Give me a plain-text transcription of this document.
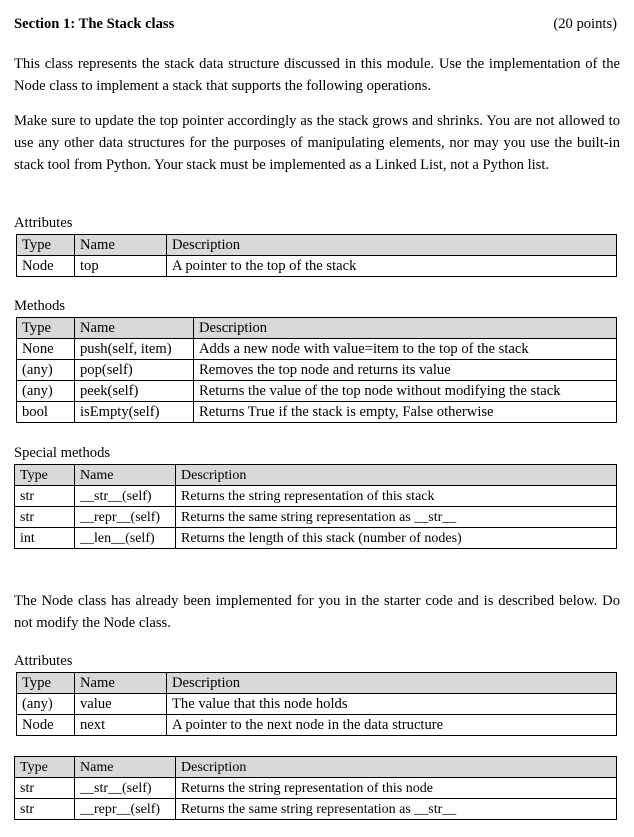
Section 1: The Stack class	(20 points)

This class represents the stack data structure discussed in this module. Use the implementation of the Node class to implement a stack that supports the following operations.

Make sure to update the top pointer accordingly as the stack grows and shrinks. You are not allowed to use any other data structures for the purposes of manipulating elements, nor may you use the built-in stack tool from Python. Your stack must be implemented as a Linked List, not a Python list.

Attributes

Type	Name	Description
Node	top	A pointer to the top of the stack

Methods

Type	Name	Description
None	push(self, item)	Adds a new node with value=item to the top of the stack
(any)	pop(self)	Removes the top node and returns its value
(any)	peek(self)	Returns the value of the top node without modifying the stack
bool	isEmpty(self)	Returns True if the stack is empty, False otherwise

Special methods

Type	Name	Description
str	__str__(self)	Returns the string representation of this stack
str	__repr__(self)	Returns the same string representation as __str__
int	__len__(self)	Returns the length of this stack (number of nodes)

The Node class has already been implemented for you in the starter code and is described below. Do not modify the Node class.

Attributes

Type	Name	Description
(any)	value	The value that this node holds
Node	next	A pointer to the next node in the data structure
Type	Name	Description
str	__str__(self)	Returns the string representation of this node
str	__repr__(self)	Returns the same string representation as __str__
